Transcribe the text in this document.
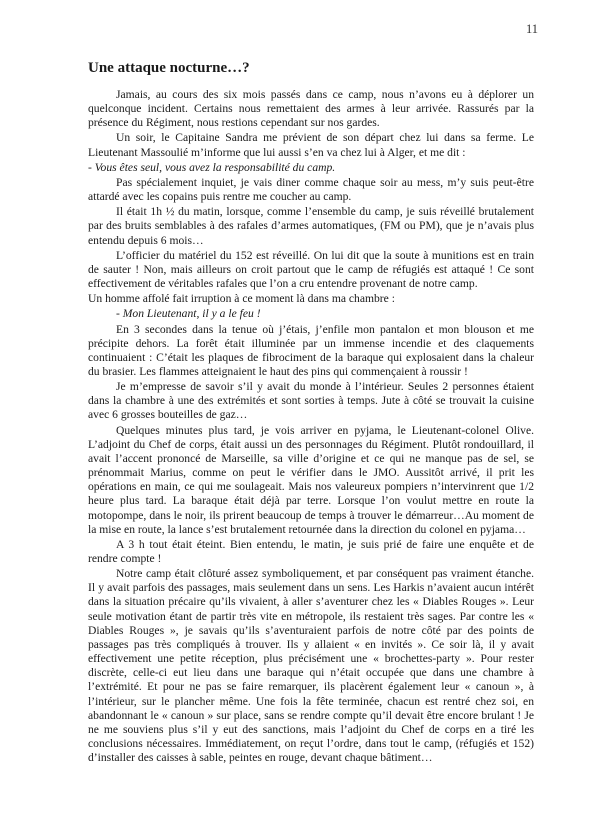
11
Une attaque nocturne…?

Jamais, au cours des six mois passés dans ce camp, nous n’avons eu à déplorer un quelconque incident. Certains nous remettaient des armes à leur arrivée. Rassurés par la présence du Régiment, nous restions cependant sur nos gardes.

Un soir, le Capitaine Sandra me prévient de son départ chez lui dans sa ferme. Le Lieutenant Massoulié m’informe que lui aussi s’en va chez lui à Alger, et me dit :

- Vous êtes seul, vous avez la responsabilité du camp.

Pas spécialement inquiet, je vais diner comme chaque soir au mess, m’y suis peut-être attardé avec les copains puis rentre me coucher au camp.

Il était 1h ½ du matin, lorsque, comme l’ensemble du camp, je suis réveillé brutalement par des bruits semblables à des rafales d’armes automatiques, (FM ou PM), que je n’avais plus entendu depuis 6 mois…

L’officier du matériel du 152 est réveillé. On lui dit que la soute à munitions est en train de sauter ! Non, mais ailleurs on croit partout que le camp de réfugiés est attaqué ! Ce sont effectivement de véritables rafales que l’on a cru entendre provenant de notre camp.

Un homme affolé fait irruption à ce moment là dans ma chambre :

- Mon Lieutenant, il y a le feu !

En 3 secondes dans la tenue où j’étais, j’enfile mon pantalon et mon blouson et me précipite dehors. La forêt était illuminée par un immense incendie et des claquements continuaient : C’était les plaques de fibrociment de la baraque qui explosaient dans la chaleur du brasier. Les flammes atteignaient le haut des pins qui commençaient à roussir !

Je m’empresse de savoir s’il y avait du monde à l’intérieur. Seules 2 personnes étaient dans la chambre à une des extrémités et sont sorties à temps. Jute à côté se trouvait la cuisine avec 6 grosses bouteilles de gaz…

Quelques minutes plus tard, je vois arriver en pyjama, le Lieutenant-colonel Olive. L’adjoint du Chef de corps, était aussi un des personnages du Régiment. Plutôt rondouillard, il avait l’accent prononcé de Marseille, sa ville d’origine et ce qui ne manque pas de sel, se prénommait Marius, comme on peut le vérifier dans le JMO. Aussitôt arrivé, il prit les opérations en main, ce qui me soulageait. Mais nos valeureux pompiers n’intervinrent que 1/2 heure plus tard. La baraque était déjà par terre. Lorsque l’on voulut mettre en route la motopompe, dans le noir, ils prirent beaucoup de temps à trouver le démarreur…Au moment de la mise en route, la lance s’est brutalement retournée dans la direction du colonel en pyjama…

A 3 h tout était éteint. Bien entendu, le matin, je suis prié de faire une enquête et de rendre compte !

Notre camp était clôturé assez symboliquement, et par conséquent pas vraiment étanche. Il y avait parfois des passages, mais seulement dans un sens. Les Harkis n’avaient aucun intérêt dans la situation précaire qu’ils vivaient, à aller s’aventurer chez les « Diables Rouges ». Leur seule motivation étant de partir très vite en métropole, ils restaient très sages. Par contre les « Diables Rouges », je savais qu’ils s’aventuraient parfois de notre côté par des points de passages pas très compliqués à trouver. Ils y allaient « en invités ». Ce soir là, il y avait effectivement une petite réception, plus précisément une « brochettes-party ». Pour rester discrète, celle-ci eut lieu dans une baraque qui n’était occupée que dans une chambre à l’extrémité. Et pour ne pas se faire remarquer, ils placèrent également leur « canoun », à l’intérieur, sur le plancher même. Une fois la fête terminée, chacun est rentré chez soi, en abandonnant le « canoun » sur place, sans se rendre compte qu’il devait être encore brulant ! Je ne me souviens plus s’il y eut des sanctions, mais l’adjoint du Chef de corps en a tiré les conclusions nécessaires. Immédiatement, on reçut l’ordre, dans tout le camp, (réfugiés et 152) d’installer des caisses à sable, peintes en rouge, devant chaque bâtiment…
